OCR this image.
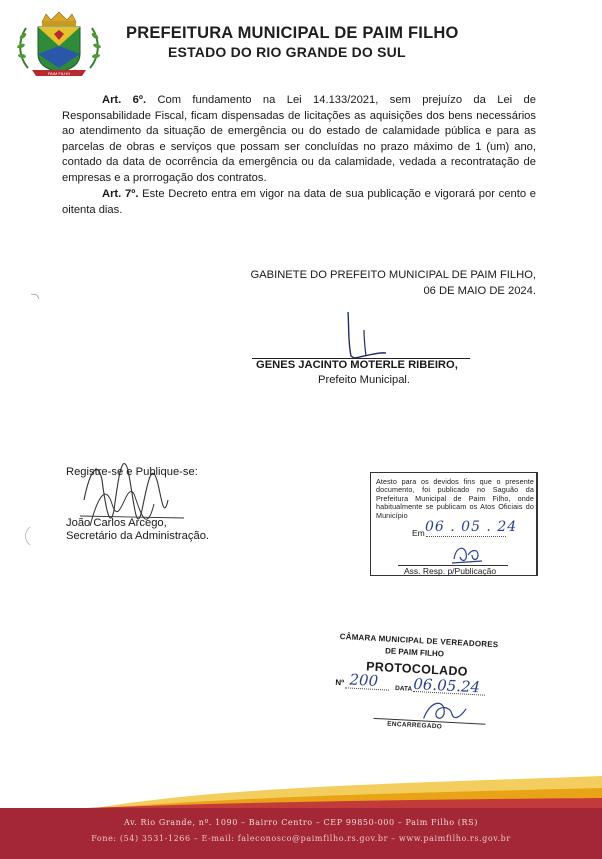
PAIM FILHO
PREFEITURA MUNICIPAL DE PAIM FILHO
ESTADO DO RIO GRANDE DO SUL
Art. 6º. Com fundamento na Lei 14.133/2021, sem prejuízo da Lei de Responsabilidade Fiscal, ficam dispensadas de licitações as aquisições dos bens necessários ao atendimento da situação de emergência ou do estado de calamidade pública e para as parcelas de obras e serviços que possam ser concluídas no prazo máximo de 1 (um) ano, contado da data de ocorrência da emergência ou da calamidade, vedada a recontratação de empresas e a prorrogação dos contratos.
Art. 7º. Este Decreto entra em vigor na data de sua publicação e vigorará por cento e oitenta dias.
GABINETE DO PREFEITO MUNICIPAL DE PAIM FILHO,
06 DE MAIO DE 2024.
GENES JACINTO MOTERLE RIBEIRO,
Prefeito Municipal.
Registre-se e Publique-se:
João Carlos Arcego,
Secretário da Administração.
Atesto para os devidos fins que o presente documento, foi publicado no Saguão da Prefeitura Municipal de Paim Filho, onde habitualmente se publicam os Atos Oficiais do Município
Em 06 . 05 . 24
Ass. Resp. p/Publicação
CÂMARA MUNICIPAL DE VEREADORES
DE PAIM FILHO
PROTOCOLADO
Nº 200	DATA 06.05.24
ENCARREGADO
Av. Rio Grande, nº. 1090 – Bairro Centro – CEP 99850-000 – Paim Filho (RS)
Fone: (54) 3531-1266 – E-mail: faleconosco@paimfilho.rs.gov.br – www.paimfilho.rs.gov.br
